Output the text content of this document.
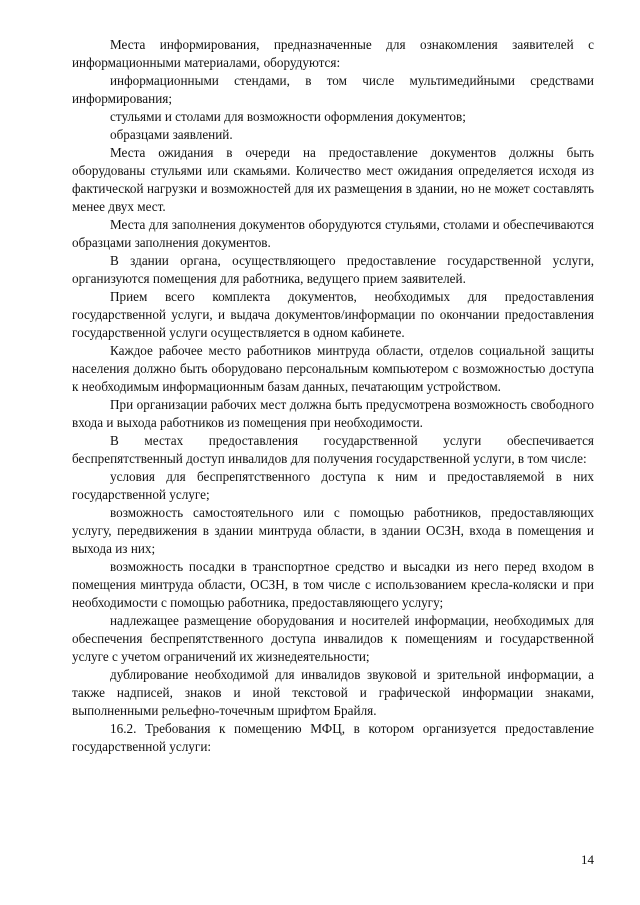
Места информирования, предназначенные для ознакомления заявителей с информационными материалами, оборудуются:

информационными стендами, в том числе мультимедийными средствами информирования;

стульями и столами для возможности оформления документов;

образцами заявлений.

Места ожидания в очереди на предоставление документов должны быть оборудованы стульями или скамьями. Количество мест ожидания определяется исходя из фактической нагрузки и возможностей для их размещения в здании, но не может составлять менее двух мест.

Места для заполнения документов оборудуются стульями, столами и обеспечиваются образцами заполнения документов.

В здании органа, осуществляющего предоставление государственной услуги, организуются помещения для работника, ведущего прием заявителей.

Прием всего комплекта документов, необходимых для предоставления государственной услуги, и выдача документов/информации по окончании предоставления государственной услуги осуществляется в одном кабинете.

Каждое рабочее место работников минтруда области, отделов социальной защиты населения должно быть оборудовано персональным компьютером с возможностью доступа к необходимым информационным базам данных, печатающим устройством.

При организации рабочих мест должна быть предусмотрена возможность свободного входа и выхода работников из помещения при необходимости.

В местах предоставления государственной услуги обеспечивается беспрепятственный доступ инвалидов для получения государственной услуги, в том числе:

условия для беспрепятственного доступа к ним и предоставляемой в них государственной услуге;

возможность самостоятельного или с помощью работников, предоставляющих услугу, передвижения в здании минтруда области, в здании ОСЗН, входа в помещения и выхода из них;

возможность посадки в транспортное средство и высадки из него перед входом в помещения минтруда области, ОСЗН, в том числе с использованием кресла-коляски и при необходимости с помощью работника, предоставляющего услугу;

надлежащее размещение оборудования и носителей информации, необходимых для обеспечения беспрепятственного доступа инвалидов к помещениям и государственной услуге с учетом ограничений их жизнедеятельности;

дублирование необходимой для инвалидов звуковой и зрительной информации, а также надписей, знаков и иной текстовой и графической информации знаками, выполненными рельефно-точечным шрифтом Брайля.

16.2. Требования к помещению МФЦ, в котором организуется предоставление государственной услуги:

14
